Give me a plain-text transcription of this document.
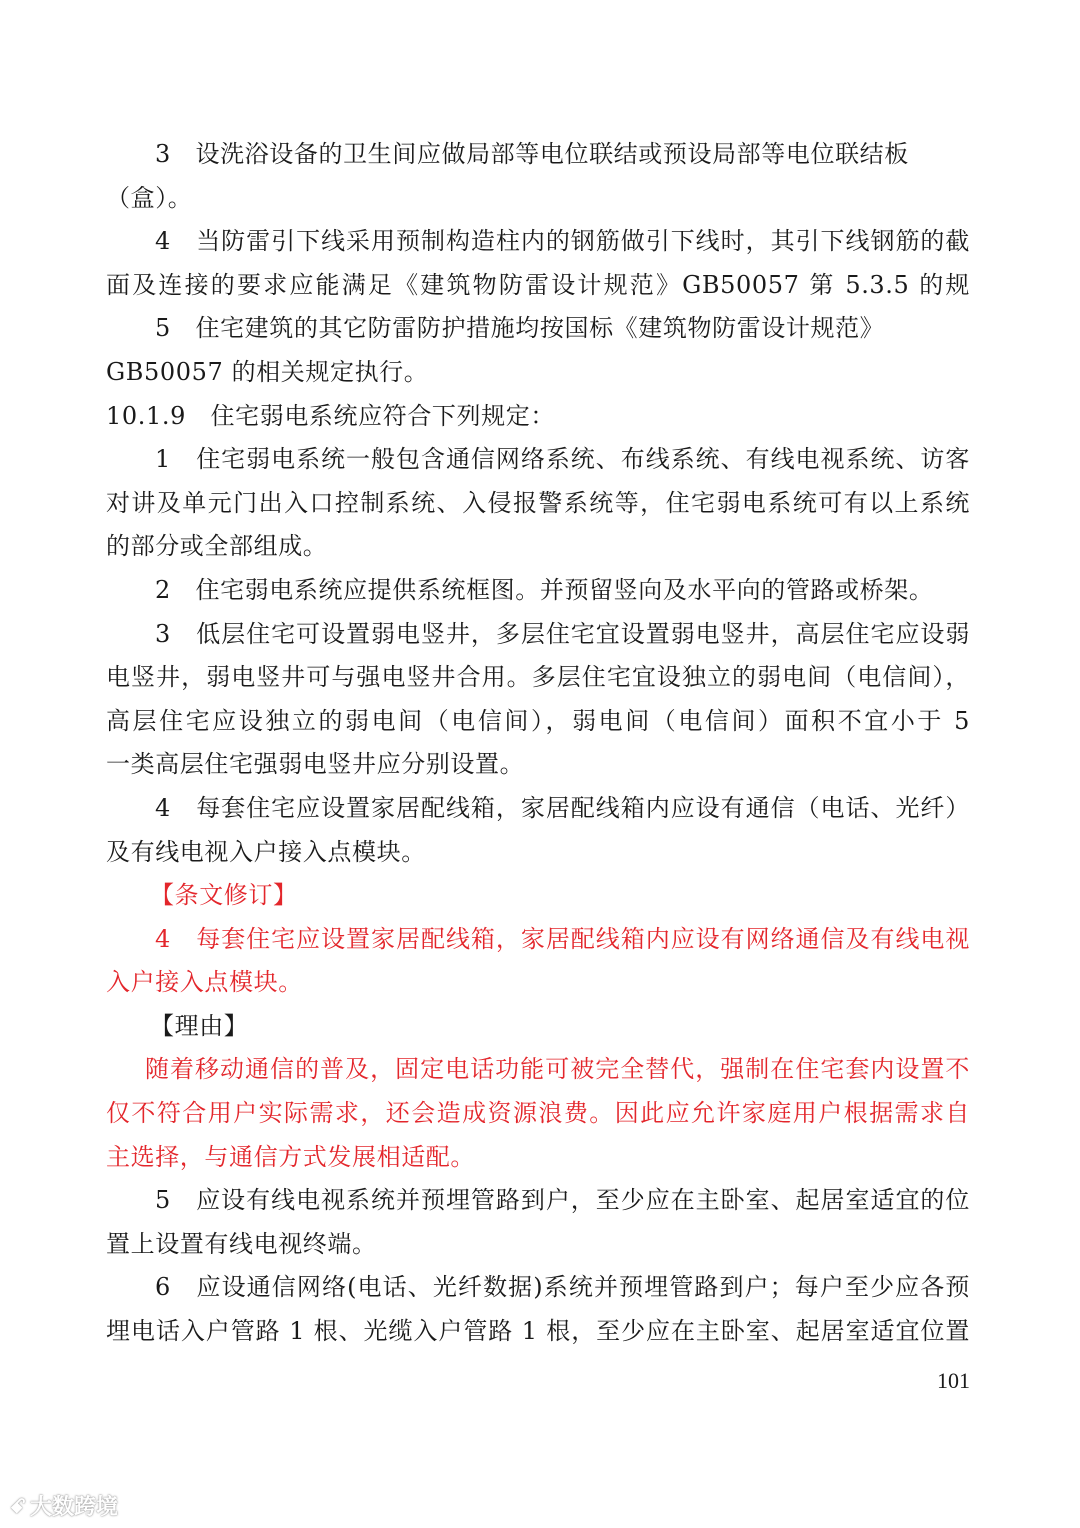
3　设洗浴设备的卫生间应做局部等电位联结或预设局部等电位联结板
（盒）。
4　当防雷引下线采用预制构造柱内的钢筋做引下线时，其引下线钢筋的截
面及连接的要求应能满足《建筑物防雷设计规范》GB50057 第 5.3.5 的规
5　住宅建筑的其它防雷防护措施均按国标《建筑物防雷设计规范》
GB50057 的相关规定执行。
10.1.9　住宅弱电系统应符合下列规定：
1　住宅弱电系统一般包含通信网络系统、布线系统、有线电视系统、访客
对讲及单元门出入口控制系统、入侵报警系统等，住宅弱电系统可有以上系统
的部分或全部组成。
2　住宅弱电系统应提供系统框图。并预留竖向及水平向的管路或桥架。
3　低层住宅可设置弱电竖井，多层住宅宜设置弱电竖井，高层住宅应设弱
电竖井，弱电竖井可与强电竖井合用。多层住宅宜设独立的弱电间（电信间），
高层住宅应设独立的弱电间（电信间），弱电间（电信间）面积不宜小于 5
一类高层住宅强弱电竖井应分别设置。
4　每套住宅应设置家居配线箱，家居配线箱内应设有通信（电话、光纤）
及有线电视入户接入点模块。
【条文修订】
4　每套住宅应设置家居配线箱，家居配线箱内应设有网络通信及有线电视
入户接入点模块。
【理由】
随着移动通信的普及，固定电话功能可被完全替代，强制在住宅套内设置不
仅不符合用户实际需求，还会造成资源浪费。因此应允许家庭用户根据需求自
主选择，与通信方式发展相适配。
5　应设有线电视系统并预埋管路到户，至少应在主卧室、起居室适宜的位
置上设置有线电视终端。
6　应设通信网络(电话、光纤数据)系统并预埋管路到户；每户至少应各预
埋电话入户管路 1 根、光缆入户管路 1 根，至少应在主卧室、起居室适宜位置
101
ꗃ 大数跨境
